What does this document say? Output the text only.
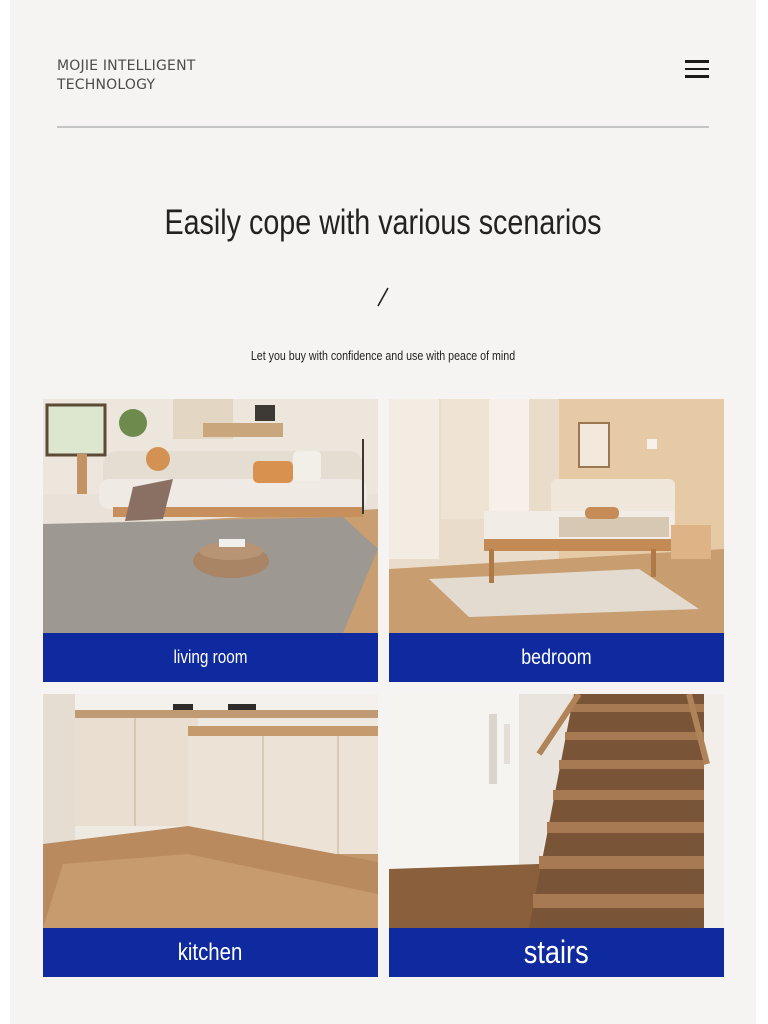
MOJIE INTELLIGENT
TECHNOLOGY
Easily cope with various scenarios

Let you buy with confidence and use with peace of mind

living room	bedroom
kitchen	stairs
